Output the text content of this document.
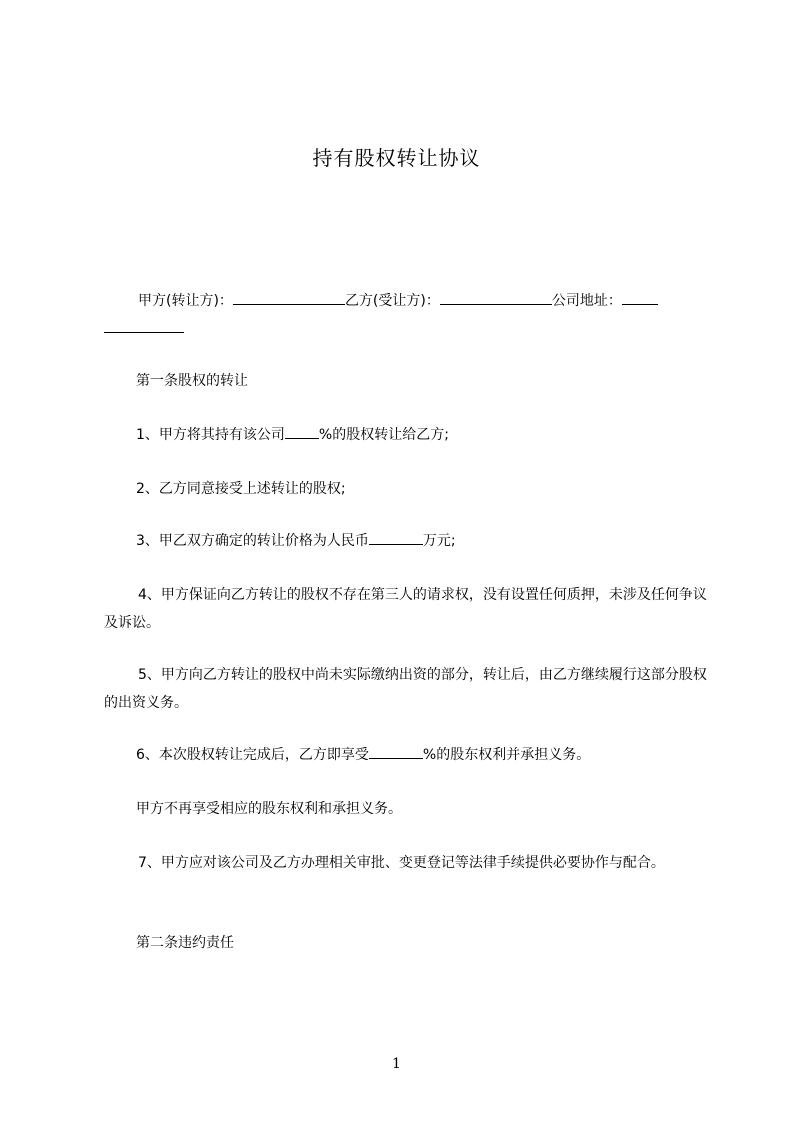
持有股权转让协议
甲方(转让方)：	乙方(受让方)：	公司地址：
第一条股权的转让
1、甲方将其持有该公司 %的股权转让给乙方;
2、乙方同意接受上述转让的股权;
3、甲乙双方确定的转让价格为人民币	万元;
4、甲方保证向乙方转让的股权不存在第三人的请求权，没有设置任何质押，未涉及任何争议及诉讼。
5、甲方向乙方转让的股权中尚未实际缴纳出资的部分，转让后，由乙方继续履行这部分股权的出资义务。
6、本次股权转让完成后，乙方即享受	%的股东权利并承担义务。
甲方不再享受相应的股东权利和承担义务。
7、甲方应对该公司及乙方办理相关审批、变更登记等法律手续提供必要协作与配合。
第二条违约责任
1
